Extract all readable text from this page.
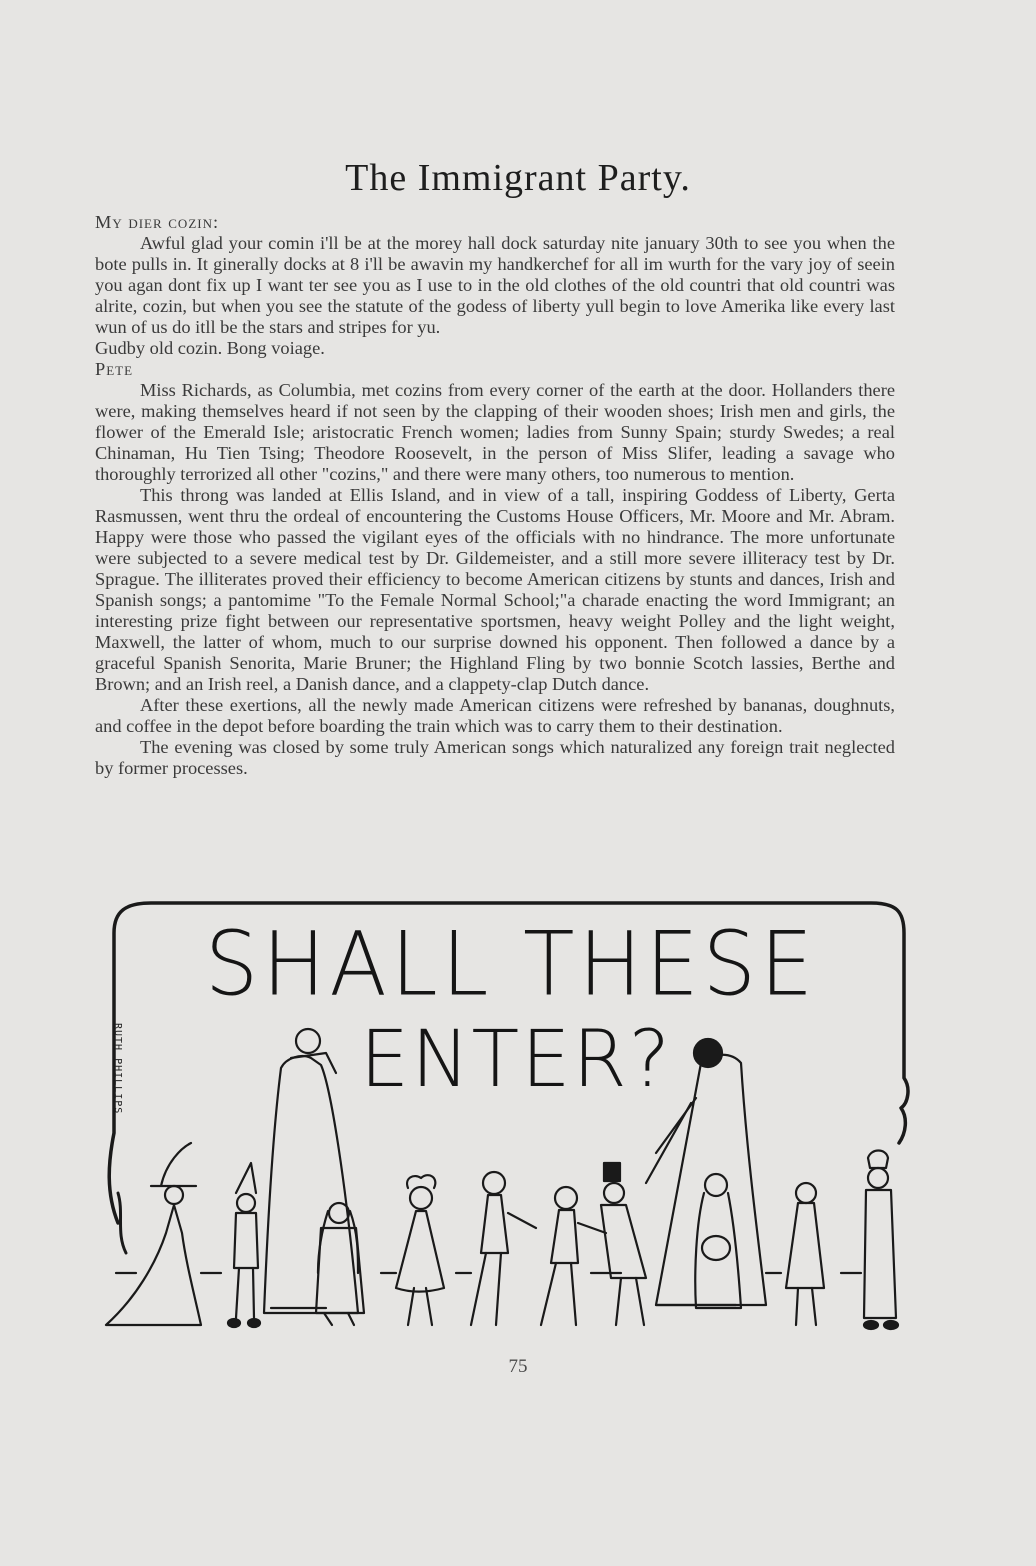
The Immigrant Party.

My dier cozin:

Awful glad your comin i'll be at the morey hall dock saturday nite january 30th to see you when the bote pulls in. It ginerally docks at 8 i'll be awavin my handkerchef for all im wurth for the vary joy of seein you agan dont fix up I want ter see you as I use to in the old clothes of the old countri that old countri was alrite, cozin, but when you see the statute of the godess of liberty yull begin to love Amerika like every last wun of us do itll be the stars and stripes for yu.

Gudby old cozin. Bong voiage.

Pete

Miss Richards, as Columbia, met cozins from every corner of the earth at the door. Hollanders there were, making themselves heard if not seen by the clapping of their wooden shoes; Irish men and girls, the flower of the Emerald Isle; aristocratic French women; ladies from Sunny Spain; sturdy Swedes; a real Chinaman, Hu Tien Tsing; Theodore Roosevelt, in the person of Miss Slifer, leading a savage who thoroughly terrorized all other "cozins," and there were many others, too numerous to mention.

This throng was landed at Ellis Island, and in view of a tall, inspiring Goddess of Liberty, Gerta Rasmussen, went thru the ordeal of encountering the Customs House Officers, Mr. Moore and Mr. Abram. Happy were those who passed the vigilant eyes of the officials with no hindrance. The more unfortunate were subjected to a severe medical test by Dr. Gildemeister, and a still more severe illiteracy test by Dr. Sprague. The illiterates proved their efficiency to become American citizens by stunts and dances, Irish and Spanish songs; a pantomime "To the Female Normal School;"a charade enacting the word Immigrant; an interesting prize fight between our representative sportsmen, heavy weight Polley and the light weight, Maxwell, the latter of whom, much to our surprise downed his opponent. Then followed a dance by a graceful Spanish Senorita, Marie Bruner; the Highland Fling by two bonnie Scotch lassies, Berthe and Brown; and an Irish reel, a Danish dance, and a clappety-clap Dutch dance.

After these exertions, all the newly made American citizens were refreshed by bananas, doughnuts, and coffee in the depot before boarding the train which was to carry them to their destination.

The evening was closed by some truly American songs which naturalized any foreign trait neglected by former processes.

SHALL THESE
ENTER?
RUTH PHILLIPS
75
